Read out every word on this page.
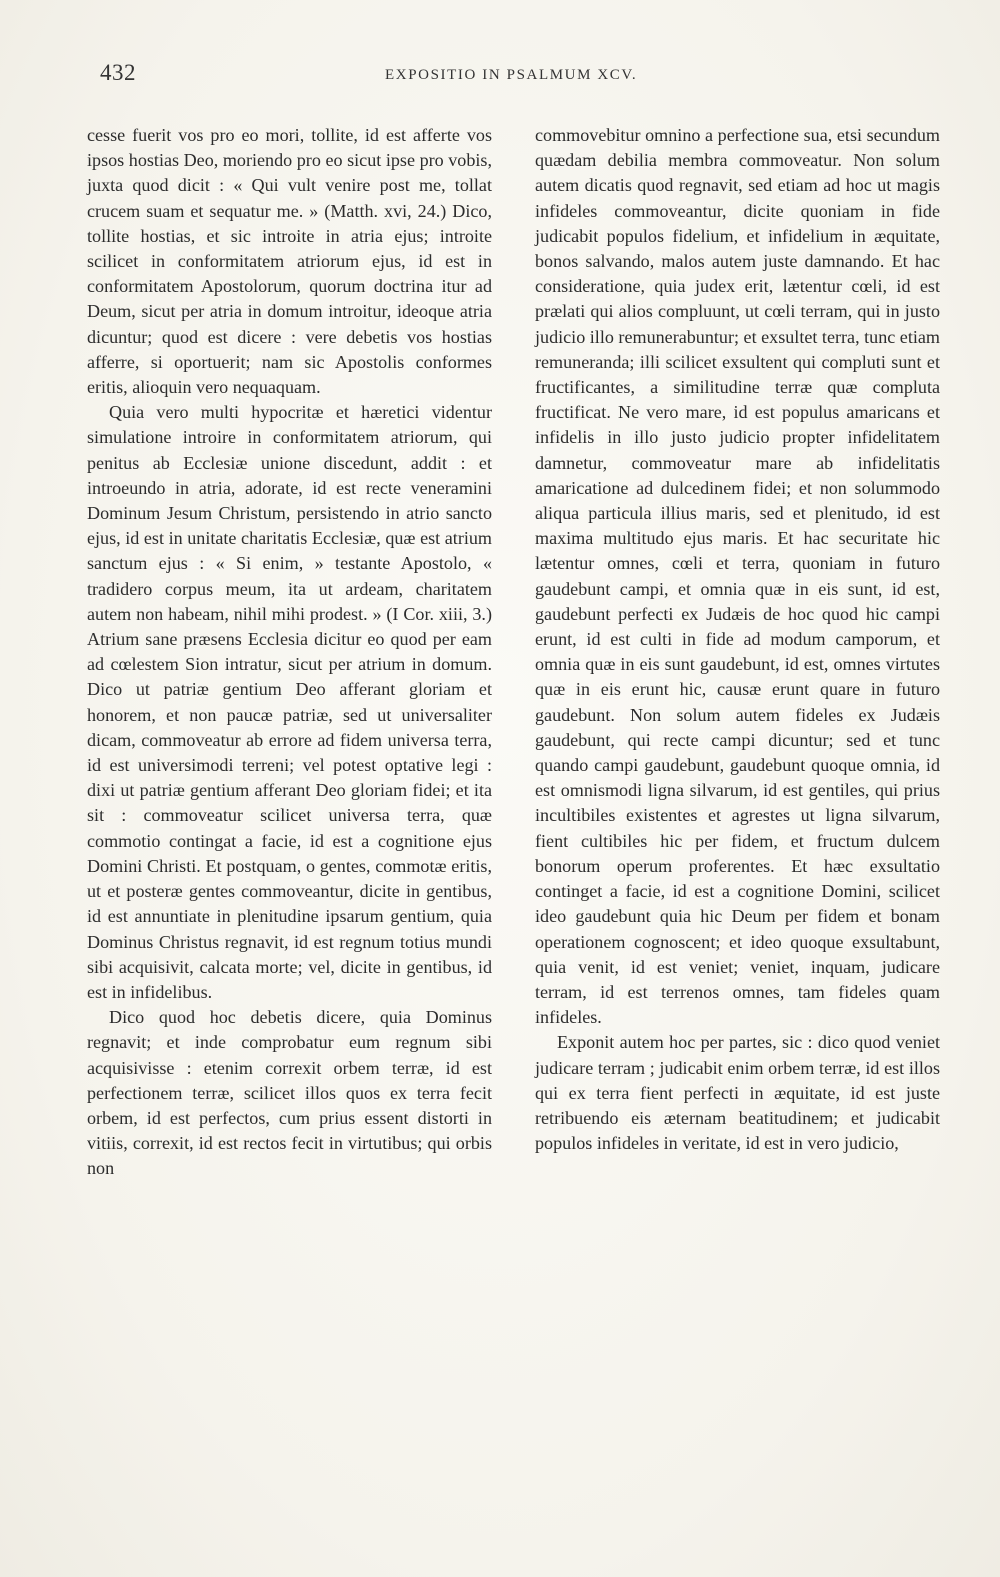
432	EXPOSITIO IN PSALMUM XCV.

cesse fuerit vos pro eo mori, tollite, id est afferte vos ipsos hostias Deo, moriendo pro eo sicut ipse pro vobis, juxta quod dicit : « Qui vult venire post me, tollat crucem suam et sequatur me. » (Matth. xvi, 24.) Dico, tollite hostias, et sic introite in atria ejus; introite scilicet in conformitatem atriorum ejus, id est in conformitatem Apostolorum, quorum doctrina itur ad Deum, sicut per atria in domum introitur, ideoque atria dicuntur; quod est dicere : vere debetis vos hostias afferre, si oportuerit; nam sic Apostolis conformes eritis, alioquin vero nequaquam.

Quia vero multi hypocritæ et hæretici videntur simulatione introire in conformitatem atriorum, qui penitus ab Ecclesiæ unione discedunt, addit : et introeundo in atria, adorate, id est recte veneramini Dominum Jesum Christum, persistendo in atrio sancto ejus, id est in unitate charitatis Ecclesiæ, quæ est atrium sanctum ejus : « Si enim, » testante Apostolo, « tradidero corpus meum, ita ut ardeam, charitatem autem non habeam, nihil mihi prodest. » (I Cor. xiii, 3.) Atrium sane præsens Ecclesia dicitur eo quod per eam ad cœlestem Sion intratur, sicut per atrium in domum. Dico ut patriæ gentium Deo afferant gloriam et honorem, et non paucæ patriæ, sed ut universaliter dicam, commoveatur ab errore ad fidem universa terra, id est universimodi terreni; vel potest optative legi : dixi ut patriæ gentium afferant Deo gloriam fidei; et ita sit : commoveatur scilicet universa terra, quæ commotio contingat a facie, id est a cognitione ejus Domini Christi. Et postquam, o gentes, commotæ eritis, ut et posteræ gentes commoveantur, dicite in gentibus, id est annuntiate in plenitudine ipsarum gentium, quia Dominus Christus regnavit, id est regnum totius mundi sibi acquisivit, calcata morte; vel, dicite in gentibus, id est in infidelibus.

Dico quod hoc debetis dicere, quia Dominus regnavit; et inde comprobatur eum regnum sibi acquisivisse : etenim correxit orbem terræ, id est perfectionem terræ, scilicet illos quos ex terra fecit orbem, id est perfectos, cum prius essent distorti in vitiis, correxit, id est rectos fecit in virtutibus; qui orbis non

commovebitur omnino a perfectione sua, etsi secundum quædam debilia membra commoveatur. Non solum autem dicatis quod regnavit, sed etiam ad hoc ut magis infideles commoveantur, dicite quoniam in fide judicabit populos fidelium, et infidelium in æquitate, bonos salvando, malos autem juste damnando. Et hac consideratione, quia judex erit, lætentur cœli, id est prælati qui alios compluunt, ut cœli terram, qui in justo judicio illo remunerabuntur; et exsultet terra, tunc etiam remuneranda; illi scilicet exsultent qui compluti sunt et fructificantes, a similitudine terræ quæ compluta fructificat. Ne vero mare, id est populus amaricans et infidelis in illo justo judicio propter infidelitatem damnetur, commoveatur mare ab infidelitatis amaricatione ad dulcedinem fidei; et non solummodo aliqua particula illius maris, sed et plenitudo, id est maxima multitudo ejus maris. Et hac securitate hic lætentur omnes, cœli et terra, quoniam in futuro gaudebunt campi, et omnia quæ in eis sunt, id est, gaudebunt perfecti ex Judæis de hoc quod hic campi erunt, id est culti in fide ad modum camporum, et omnia quæ in eis sunt gaudebunt, id est, omnes virtutes quæ in eis erunt hic, causæ erunt quare in futuro gaudebunt. Non solum autem fideles ex Judæis gaudebunt, qui recte campi dicuntur; sed et tunc quando campi gaudebunt, gaudebunt quoque omnia, id est omnismodi ligna silvarum, id est gentiles, qui prius incultibiles existentes et agrestes ut ligna silvarum, fient cultibiles hic per fidem, et fructum dulcem bonorum operum proferentes. Et hæc exsultatio continget a facie, id est a cognitione Domini, scilicet ideo gaudebunt quia hic Deum per fidem et bonam operationem cognoscent; et ideo quoque exsultabunt, quia venit, id est veniet; veniet, inquam, judicare terram, id est terrenos omnes, tam fideles quam infideles.

Exponit autem hoc per partes, sic : dico quod veniet judicare terram ; judicabit enim orbem terræ, id est illos qui ex terra fient perfecti in æquitate, id est juste retribuendo eis æternam beatitudinem; et judicabit populos infideles in veritate, id est in vero judicio,
